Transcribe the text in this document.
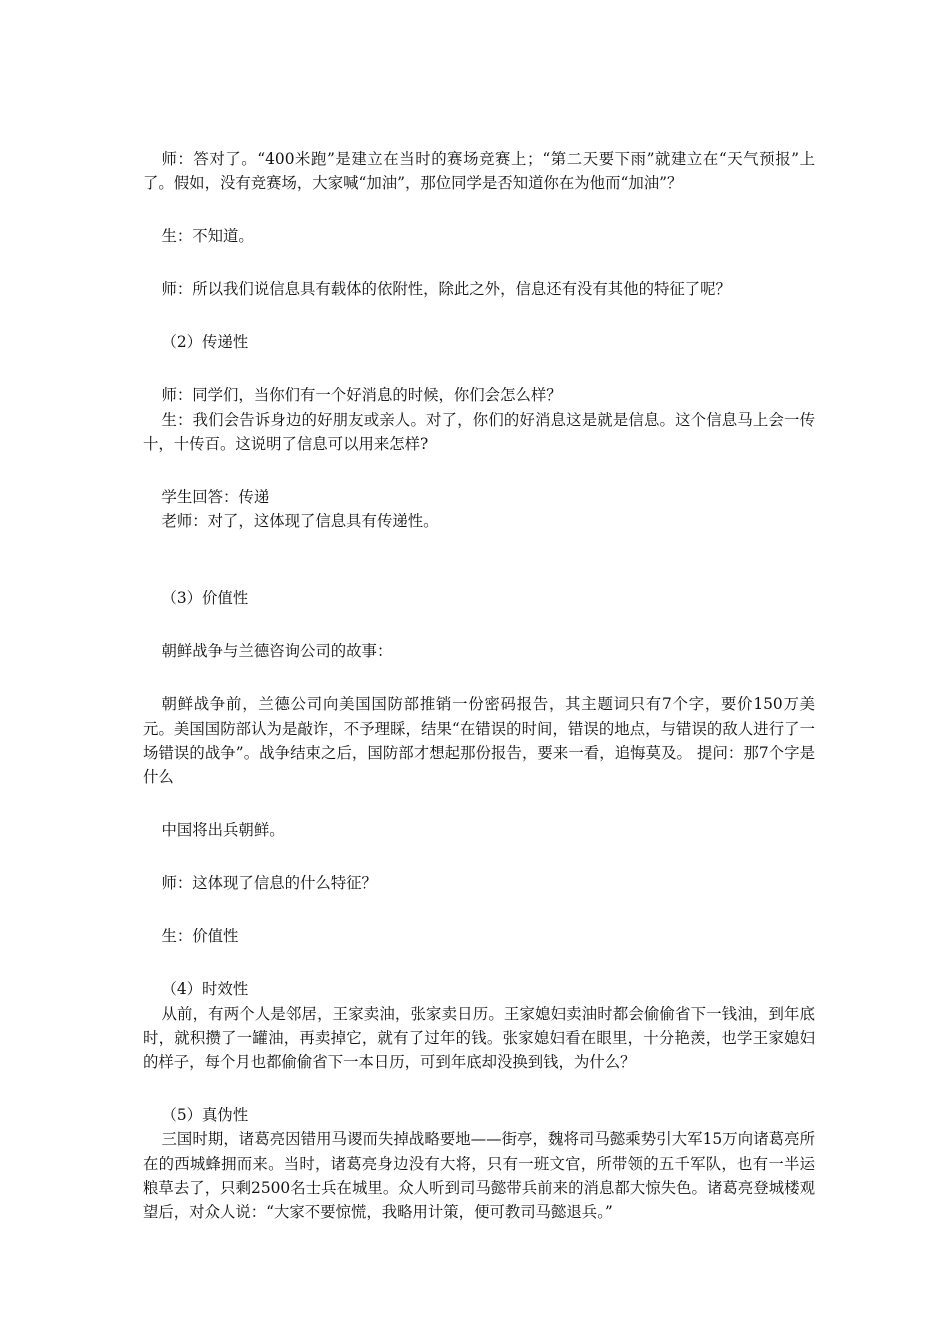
师：答对了。“400米跑”是建立在当时的赛场竞赛上；“第二天要下雨”就建立在“天气预报”上了。假如，没有竞赛场，大家喊“加油”，那位同学是否知道你在为他而“加油”？

生：不知道。

师：所以我们说信息具有载体的依附性，除此之外，信息还有没有其他的特征了呢？

（2）传递性

师：同学们，当你们有一个好消息的时候，你们会怎么样？

生：我们会告诉身边的好朋友或亲人。对了，你们的好消息这是就是信息。这个信息马上会一传十，十传百。这说明了信息可以用来怎样?

学生回答：传递

老师：对了，这体现了信息具有传递性。

（3）价值性

朝鲜战争与兰德咨询公司的故事：

朝鲜战争前，兰德公司向美国国防部推销一份密码报告，其主题词只有7个字，要价150万美元。美国国防部认为是敲诈，不予理睬，结果“在错误的时间，错误的地点，与错误的敌人进行了一场错误的战争”。战争结束之后，国防部才想起那份报告，要来一看，追悔莫及。 提问：那7个字是什么

中国将出兵朝鲜。

师：这体现了信息的什么特征？

生：价值性

（4）时效性

从前，有两个人是邻居，王家卖油，张家卖日历。王家媳妇卖油时都会偷偷省下一钱油，到年底时，就积攒了一罐油，再卖掉它，就有了过年的钱。张家媳妇看在眼里，十分艳羡，也学王家媳妇的样子，每个月也都偷偷省下一本日历，可到年底却没换到钱，为什么？

（5）真伪性

三国时期，诸葛亮因错用马谡而失掉战略要地——街亭，魏将司马懿乘势引大军15万向诸葛亮所在的西城蜂拥而来。当时，诸葛亮身边没有大将，只有一班文官，所带领的五千军队，也有一半运粮草去了，只剩2500名士兵在城里。众人听到司马懿带兵前来的消息都大惊失色。诸葛亮登城楼观望后，对众人说：“大家不要惊慌，我略用计策，便可教司马懿退兵。”
